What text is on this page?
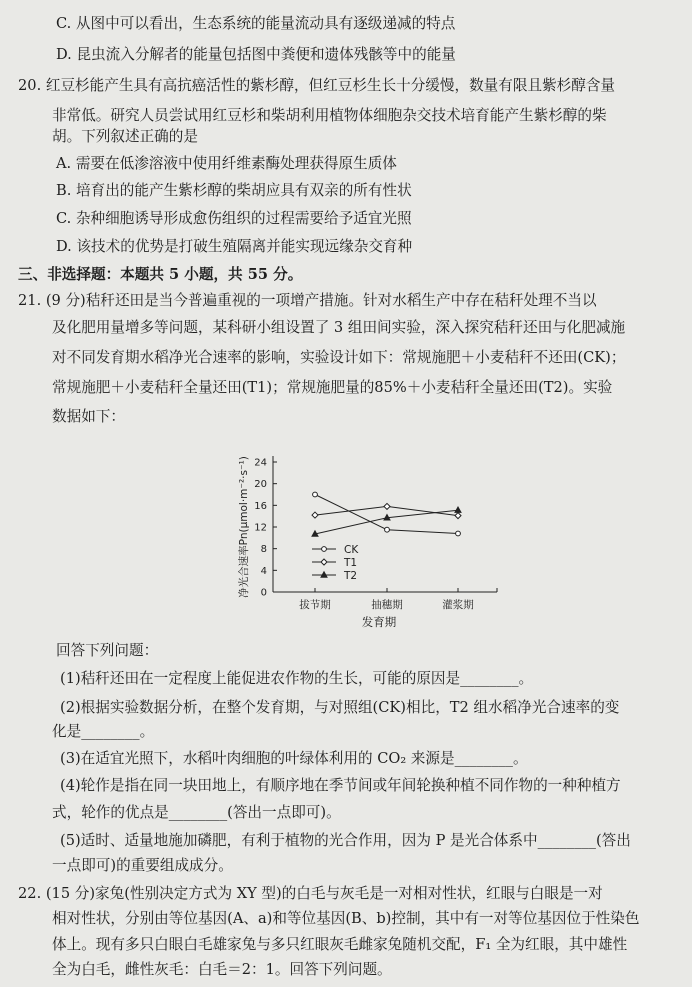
C. 从图中可以看出，生态系统的能量流动具有逐级递减的特点
D. 昆虫流入分解者的能量包括图中粪便和遗体残骸等中的能量
20. 红豆杉能产生具有高抗癌活性的紫杉醇，但红豆杉生长十分缓慢，数量有限且紫杉醇含量
非常低。研究人员尝试用红豆杉和柴胡利用植物体细胞杂交技术培育能产生紫杉醇的柴
胡。下列叙述正确的是
A. 需要在低渗溶液中使用纤维素酶处理获得原生质体
B. 培育出的能产生紫杉醇的柴胡应具有双亲的所有性状
C. 杂种细胞诱导形成愈伤组织的过程需要给予适宜光照
D. 该技术的优势是打破生殖隔离并能实现远缘杂交育种
三、非选择题：本题共 5 小题，共 55 分。
21. (9 分)秸秆还田是当今普遍重视的一项增产措施。针对水稻生产中存在秸秆处理不当以
及化肥用量增多等问题，某科研小组设置了 3 组田间实验，深入探究秸秆还田与化肥减施
对不同发育期水稻净光合速率的影响，实验设计如下：常规施肥＋小麦秸秆不还田(CK)；
常规施肥＋小麦秸秆全量还田(T1)；常规施肥量的85%＋小麦秸秆全量还田(T2)。实验
数据如下：
净光合速率Pn(μmol·m⁻²·s⁻¹)
发育期
0
4
8
12
16
20
24
拔节期	抽穗期	灌浆期
CK
T1
T2
回答下列问题：
(1)秸秆还田在一定程度上能促进农作物的生长，可能的原因是________。
(2)根据实验数据分析，在整个发育期，与对照组(CK)相比，T2 组水稻净光合速率的变
化是________。
(3)在适宜光照下，水稻叶肉细胞的叶绿体利用的 CO₂ 来源是________。
(4)轮作是指在同一块田地上，有顺序地在季节间或年间轮换种植不同作物的一种种植方
式，轮作的优点是________(答出一点即可)。
(5)适时、适量地施加磷肥，有利于植物的光合作用，因为 P 是光合体系中________(答出
一点即可)的重要组成成分。
22. (15 分)家兔(性别决定方式为 XY 型)的白毛与灰毛是一对相对性状，红眼与白眼是一对
相对性状，分别由等位基因(A、a)和等位基因(B、b)控制，其中有一对等位基因位于性染色
体上。现有多只白眼白毛雄家兔与多只红眼灰毛雌家兔随机交配，F₁ 全为红眼，其中雄性
全为白毛，雌性灰毛：白毛＝2：1。回答下列问题。
